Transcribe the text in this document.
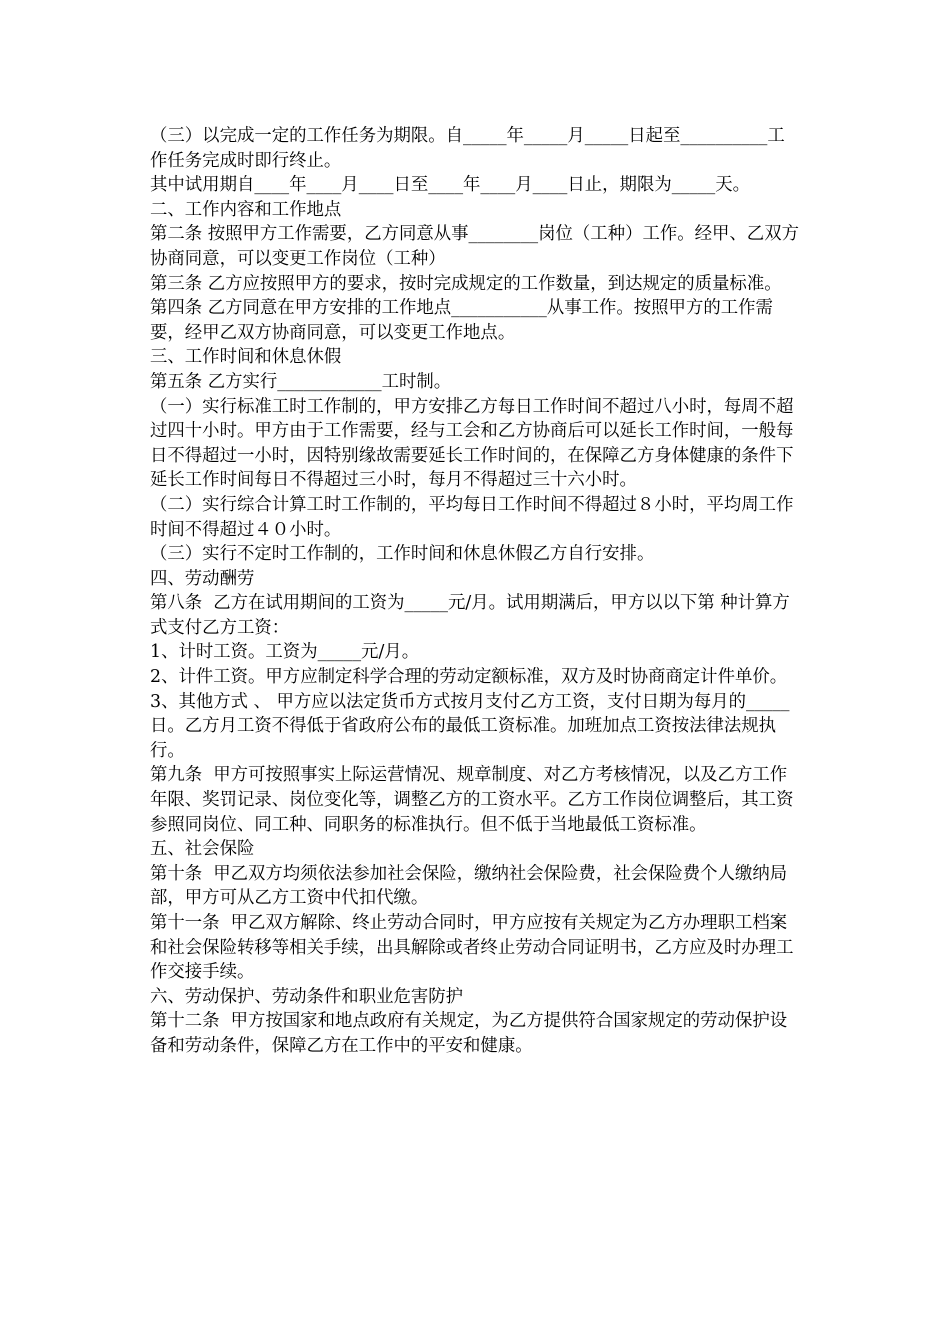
（三）以完成一定的工作任务为期限。自_____年_____月_____日起至__________工作任务完成时即行终止。

其中试用期自____年____月____日至____年____月____日止，期限为_____天。

二、工作内容和工作地点

第二条 按照甲方工作需要，乙方同意从事________岗位（工种）工作。经甲、乙双方协商同意，可以变更工作岗位（工种）

第三条 乙方应按照甲方的要求，按时完成规定的工作数量，到达规定的质量标准。

第四条 乙方同意在甲方安排的工作地点___________从事工作。按照甲方的工作需要，经甲乙双方协商同意，可以变更工作地点。

三、工作时间和休息休假

第五条 乙方实行____________工时制。

（一）实行标准工时工作制的，甲方安排乙方每日工作时间不超过八小时，每周不超过四十小时。甲方由于工作需要，经与工会和乙方协商后可以延长工作时间，一般每日不得超过一小时，因特别缘故需要延长工作时间的，在保障乙方身体健康的条件下延长工作时间每日不得超过三小时，每月不得超过三十六小时。

（二）实行综合计算工时工作制的，平均每日工作时间不得超过８小时，平均周工作时间不得超过４０小时。

（三）实行不定时工作制的，工作时间和休息休假乙方自行安排。

四、劳动酬劳

第八条  乙方在试用期间的工资为_____元/月。试用期满后，甲方以以下第 种计算方式支付乙方工资：

1、计时工资。工资为_____元/月。

2、计件工资。甲方应制定科学合理的劳动定额标准，双方及时协商商定计件单价。

3、其他方式 、 甲方应以法定货币方式按月支付乙方工资，支付日期为每月的_____日。乙方月工资不得低于省政府公布的最低工资标准。加班加点工资按法律法规执行。

第九条  甲方可按照事实上际运营情况、规章制度、对乙方考核情况，以及乙方工作年限、奖罚记录、岗位变化等，调整乙方的工资水平。乙方工作岗位调整后，其工资参照同岗位、同工种、同职务的标准执行。但不低于当地最低工资标准。

五、社会保险

第十条  甲乙双方均须依法参加社会保险，缴纳社会保险费，社会保险费个人缴纳局部，甲方可从乙方工资中代扣代缴。

第十一条  甲乙双方解除、终止劳动合同时，甲方应按有关规定为乙方办理职工档案和社会保险转移等相关手续，出具解除或者终止劳动合同证明书，乙方应及时办理工作交接手续。

六、劳动保护、劳动条件和职业危害防护

第十二条  甲方按国家和地点政府有关规定，为乙方提供符合国家规定的劳动保护设备和劳动条件，保障乙方在工作中的平安和健康。
